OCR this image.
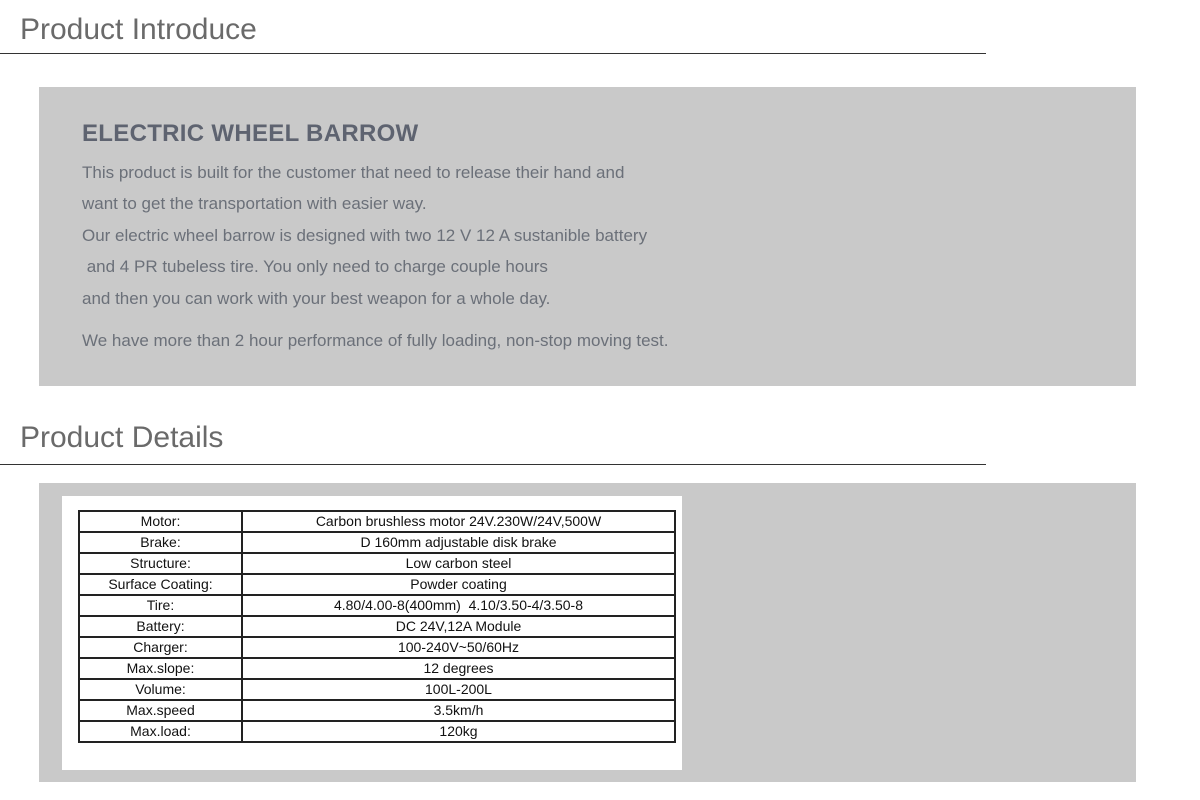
Product Introduce
ELECTRIC WHEEL BARROW

This product is built for the customer that need to release their hand and

want to get the transportation with easier way.

Our electric wheel barrow is designed with two 12 V 12 A sustanible battery

and 4 PR tubeless tire. You only need to charge couple hours

and then you can work with your best weapon for a whole day.

We have more than 2 hour performance of fully loading, non-stop moving test.

Product Details
Motor:	Carbon brushless motor 24V.230W/24V,500W
Brake:	D 160mm adjustable disk brake
Structure:	Low carbon steel
Surface Coating:	Powder coating
Tire:	4.80/4.00-8(400mm)  4.10/3.50-4/3.50-8
Battery:	DC 24V,12A Module
Charger:	100-240V~50/60Hz
Max.slope:	12 degrees
Volume:	100L-200L
Max.speed	3.5km/h
Max.load:	120kg
